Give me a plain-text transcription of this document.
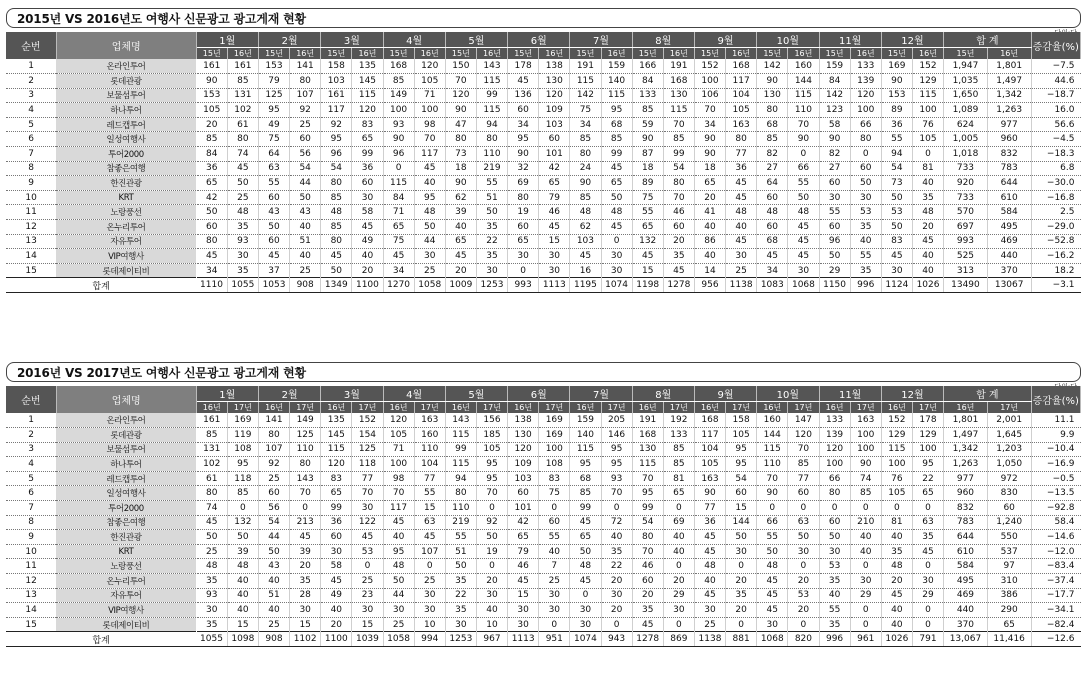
2015년 VS 2016년도 여행사 신문광고 광고게재 현황
순번	업체명	1월		2월		3월		4월		5월		6월		7월		8월		9월		10월		11월		12월		합 계		증감율(%)
		15년	16년	15년	16년	15년	16년	15년	16년	15년	16년	15년	16년	15년	16년	15년	16년	15년	16년	15년	16년	15년	16년	15년	16년	15년	16년	
1	온라인투어	161	161	153	141	158	135	168	120	150	143	178	138	191	159	166	191	152	168	142	160	159	133	169	152	1,947	1,801	−7.5
2	롯데관광	90	85	79	80	103	145	85	105	70	115	45	130	115	140	84	168	100	117	90	144	84	139	90	129	1,035	1,497	44.6
3	보물섬투어	153	131	125	107	161	115	149	71	120	99	136	120	142	115	133	130	106	104	130	115	142	120	153	115	1,650	1,342	−18.7
4	하나투어	105	102	95	92	117	120	100	100	90	115	60	109	75	95	85	115	70	105	80	110	123	100	89	100	1,089	1,263	16.0
5	레드캡투어	20	61	49	25	92	83	93	98	47	94	34	103	34	68	59	70	34	163	68	70	58	66	36	76	624	977	56.6
6	일성여행사	85	80	75	60	95	65	90	70	80	80	95	60	85	85	90	85	90	80	85	90	90	80	55	105	1,005	960	−4.5
7	투어2000	84	74	64	56	96	99	96	117	73	110	90	101	80	99	87	99	90	77	82	0	82	0	94	0	1,018	832	−18.3
8	참좋은여행	36	45	63	54	54	36	0	45	18	219	32	42	24	45	18	54	18	36	27	66	27	60	54	81	733	783	6.8
9	한진관광	65	50	55	44	80	60	115	40	90	55	69	65	90	65	89	80	65	45	64	55	60	50	73	40	920	644	−30.0
10	KRT	42	25	60	50	85	30	84	95	62	51	80	79	85	50	75	70	20	45	60	50	30	30	50	35	733	610	−16.8
11	노랑풍선	50	48	43	43	48	58	71	48	39	50	19	46	48	48	55	46	41	48	48	48	55	53	53	48	570	584	2.5
12	온누리투어	60	35	50	40	85	45	65	50	40	35	60	45	62	45	65	60	40	40	60	45	60	35	50	20	697	495	−29.0
13	자유투어	80	93	60	51	80	49	75	44	65	22	65	15	103	0	132	20	86	45	68	45	96	40	83	45	993	469	−52.8
14	VIP여행사	45	30	45	40	45	40	45	30	45	35	30	30	45	30	45	35	40	30	45	45	50	55	45	40	525	440	−16.2
15	롯데제이티비	34	35	37	25	50	20	34	25	20	30	0	30	16	30	15	45	14	25	34	30	29	35	30	40	313	370	18.2
합계		1110	1055	1053	908	1349	1100	1270	1058	1009	1253	993	1113	1195	1074	1198	1278	956	1138	1083	1068	1150	996	1124	1026	13490	13067	−3.1
2016년 VS 2017년도 여행사 신문광고 광고게재 현황
순번	업체명	1월		2월		3월		4월		5월		6월		7월		8월		9월		10월		11월		12월		합 계		증감율(%)
		16년	17년	16년	17년	16년	17년	16년	17년	16년	17년	16년	17년	16년	17년	16년	17년	16년	17년	16년	17년	16년	17년	16년	17년	16년	17년	
1	온라인투어	161	169	141	149	135	152	120	163	143	156	138	169	159	205	191	192	168	158	160	147	133	163	152	178	1,801	2,001	11.1
2	롯데관광	85	119	80	125	145	154	105	160	115	185	130	169	140	146	168	133	117	105	144	120	139	100	129	129	1,497	1,645	9.9
3	보물섬투어	131	108	107	110	115	125	71	110	99	105	120	100	115	95	130	85	104	95	115	70	120	100	115	100	1,342	1,203	−10.4
4	하나투어	102	95	92	80	120	118	100	104	115	95	109	108	95	95	115	85	105	95	110	85	100	90	100	95	1,263	1,050	−16.9
5	레드캡투어	61	118	25	143	83	77	98	77	94	95	103	83	68	93	70	81	163	54	70	77	66	74	76	22	977	972	−0.5
6	일성여행사	80	85	60	70	65	70	70	55	80	70	60	75	85	70	95	65	90	60	90	60	80	85	105	65	960	830	−13.5
7	투어2000	74	0	56	0	99	30	117	15	110	0	101	0	99	0	99	0	77	15	0	0	0	0	0	0	832	60	−92.8
8	참좋은여행	45	132	54	213	36	122	45	63	219	92	42	60	45	72	54	69	36	144	66	63	60	210	81	63	783	1,240	58.4
9	한진관광	50	50	44	45	60	45	40	45	55	50	65	55	65	40	80	40	45	50	55	50	50	40	40	35	644	550	−14.6
10	KRT	25	39	50	39	30	53	95	107	51	19	79	40	50	35	70	40	45	30	50	30	30	40	35	45	610	537	−12.0
11	노랑풍선	48	48	43	20	58	0	48	0	50	0	46	7	48	22	46	0	48	0	48	0	53	0	48	0	584	97	−83.4
12	온누리투어	35	40	40	35	45	25	50	25	35	20	45	25	45	20	60	20	40	20	45	20	35	30	20	30	495	310	−37.4
13	자유투어	93	40	51	28	49	23	44	30	22	30	15	30	0	30	20	29	45	35	45	53	40	29	45	29	469	386	−17.7
14	VIP여행사	30	40	40	30	40	30	30	30	35	40	30	30	30	20	35	30	30	20	45	20	55	0	40	0	440	290	−34.1
15	롯데제이티비	35	15	25	15	20	15	25	10	30	10	30	0	30	0	45	0	25	0	30	0	35	0	40	0	370	65	−82.4
합계		1055	1098	908	1102	1100	1039	1058	994	1253	967	1113	951	1074	943	1278	869	1138	881	1068	820	996	961	1026	791	13,067	11,416	−12.6
